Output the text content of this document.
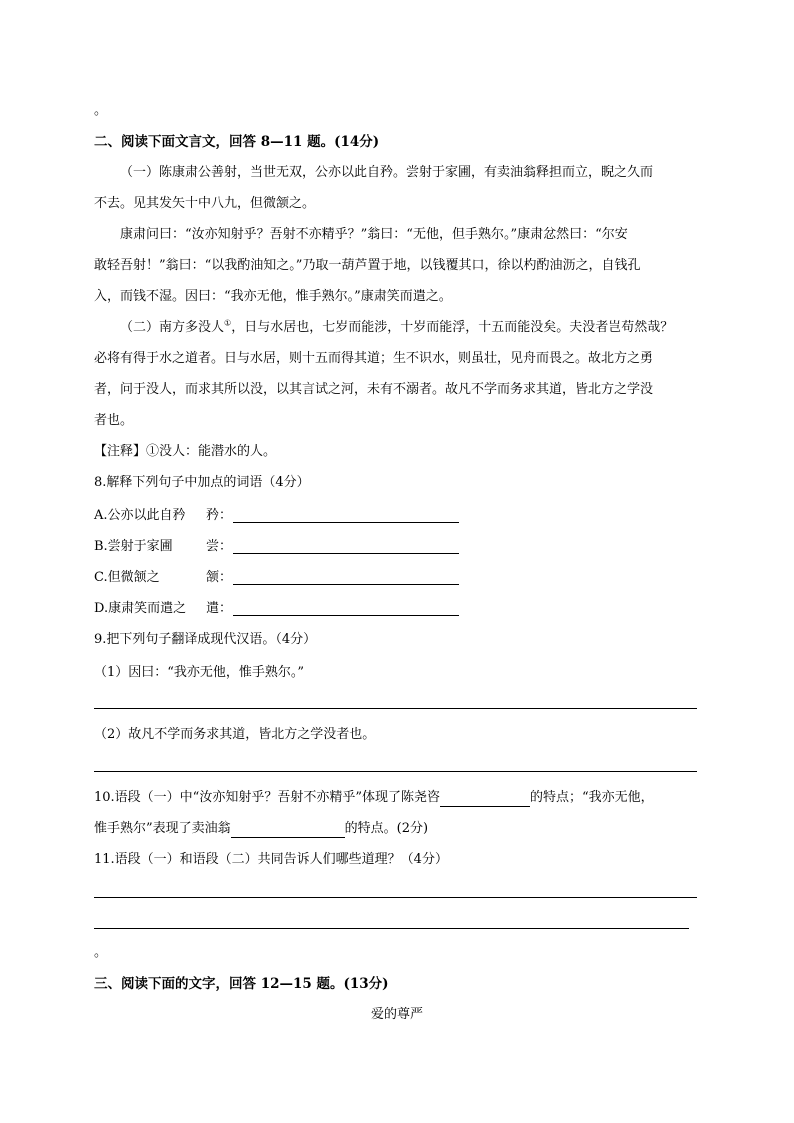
。
二、阅读下面文言文，回答 8—11 题。(14分)
（一）陈康肃公善射，当世无双，公亦以此自矜。尝射于家圃，有卖油翁释担而立，睨之久而
不去。见其发矢十中八九，但微颔之。
康肃问曰：“汝亦知射乎？吾射不亦精乎？”翁曰：“无他，但手熟尔。”康肃忿然曰：“尔安
敢轻吾射！”翁曰：“以我酌油知之。”乃取一葫芦置于地，以钱覆其口，徐以杓酌油沥之，自钱孔
入，而钱不湿。因曰：“我亦无他，惟手熟尔。”康肃笑而遣之。
（二）南方多没人①，日与水居也，七岁而能涉，十岁而能浮，十五而能没矣。夫没者岂苟然哉？
必将有得于水之道者。日与水居，则十五而得其道；生不识水，则虽壮，见舟而畏之。故北方之勇
者，问于没人，而求其所以没，以其言试之河，未有不溺者。故凡不学而务求其道，皆北方之学没
者也。
【注释】①没人：能潜水的人。
8.解释下列句子中加点的词语（4分）
A.公亦以此自矜 矜：
B.尝射于家圃	尝：
C.但微颔之	颔：
D.康肃笑而遣之 遣：
9.把下列句子翻译成现代汉语。（4分）
（1）因曰：“我亦无他，惟手熟尔。”
（2）故凡不学而务求其道，皆北方之学没者也。
10.语段（一）中“汝亦知射乎？吾射不亦精乎”体现了陈尧咨	的特点；“我亦无他，
惟手熟尔”表现了卖油翁	的特点。(2分)
11.语段（一）和语段（二）共同告诉人们哪些道理？（4分）
。
三、阅读下面的文字，回答 12—15 题。(13分)
爱的尊严
